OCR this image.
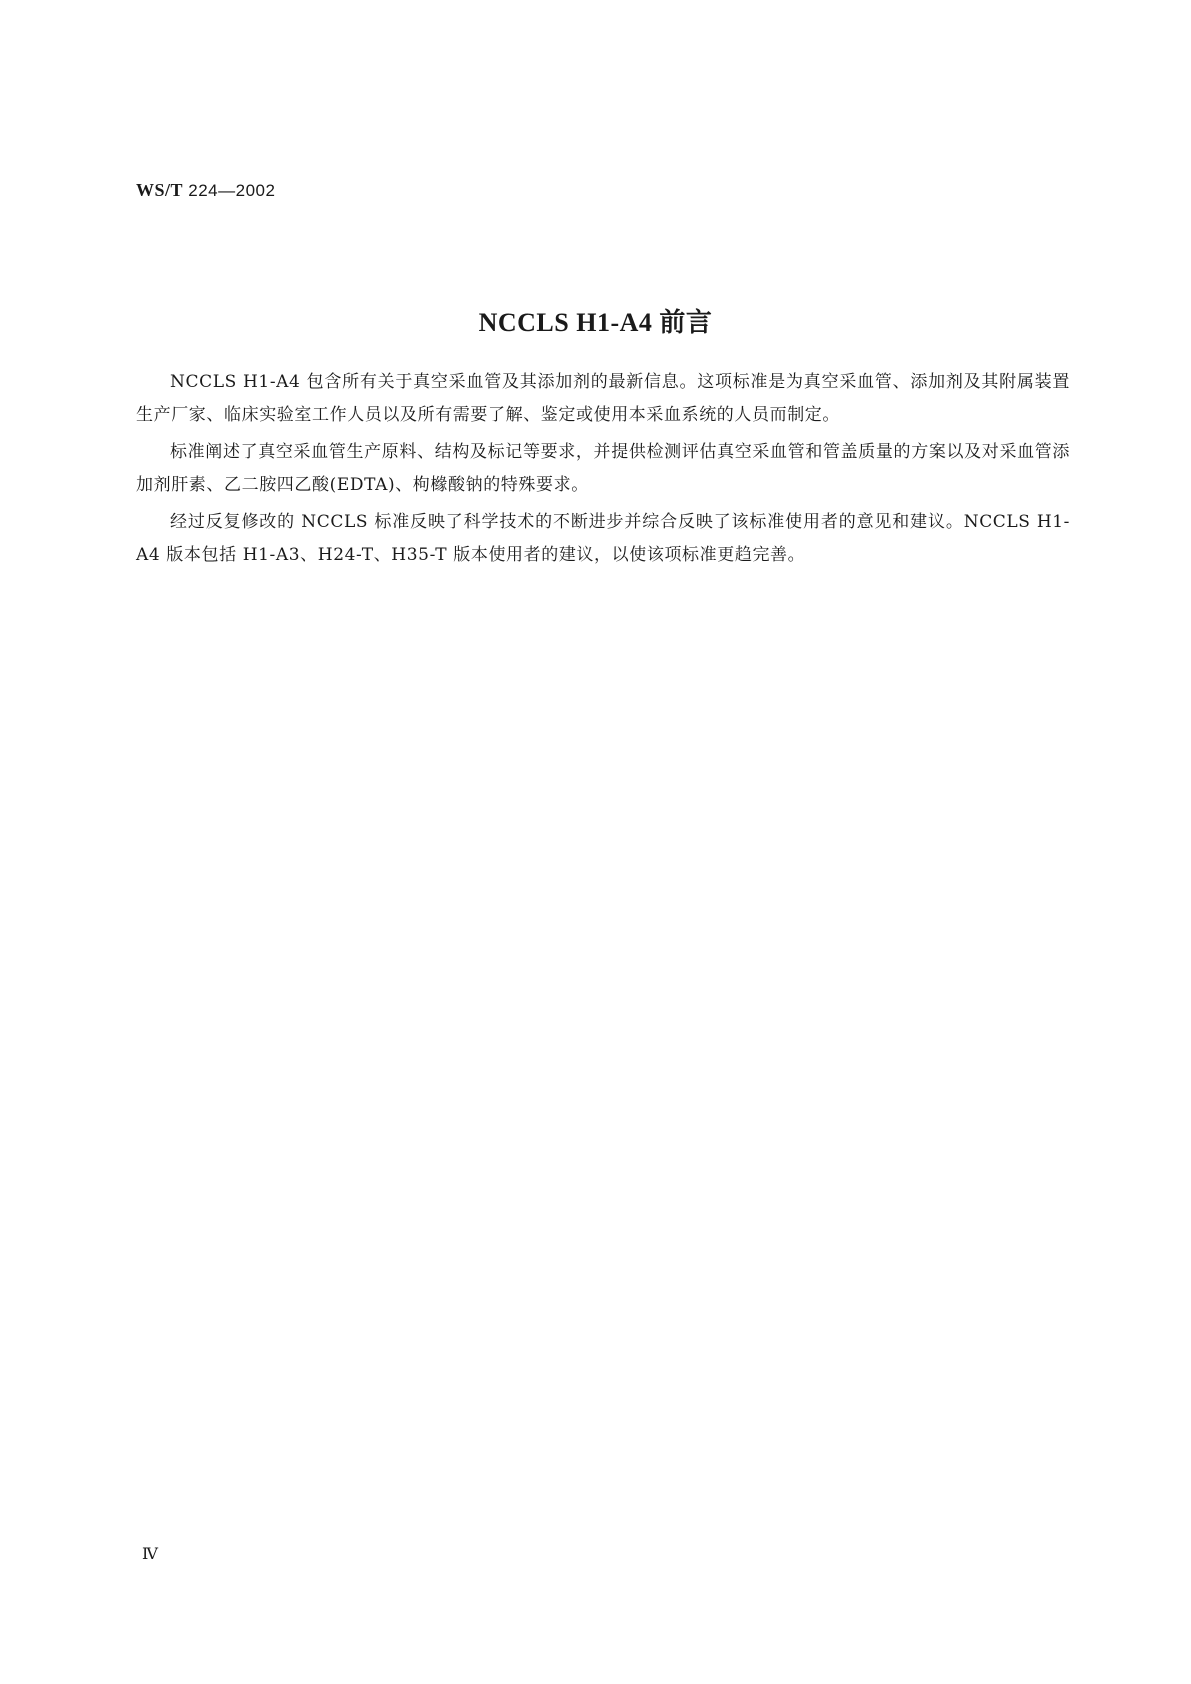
WS/T 224—2002
NCCLS H1-A4 前言

NCCLS H1-A4 包含所有关于真空采血管及其添加剂的最新信息。这项标准是为真空采血管、添加剂及其附属装置生产厂家、临床实验室工作人员以及所有需要了解、鉴定或使用本采血系统的人员而制定。

标准阐述了真空采血管生产原料、结构及标记等要求，并提供检测评估真空采血管和管盖质量的方案以及对采血管添加剂肝素、乙二胺四乙酸(EDTA)、枸橼酸钠的特殊要求。

经过反复修改的 NCCLS 标准反映了科学技术的不断进步并综合反映了该标准使用者的意见和建议。NCCLS H1-A4 版本包括 H1-A3、H24-T、H35-T 版本使用者的建议，以使该项标准更趋完善。

Ⅳ
